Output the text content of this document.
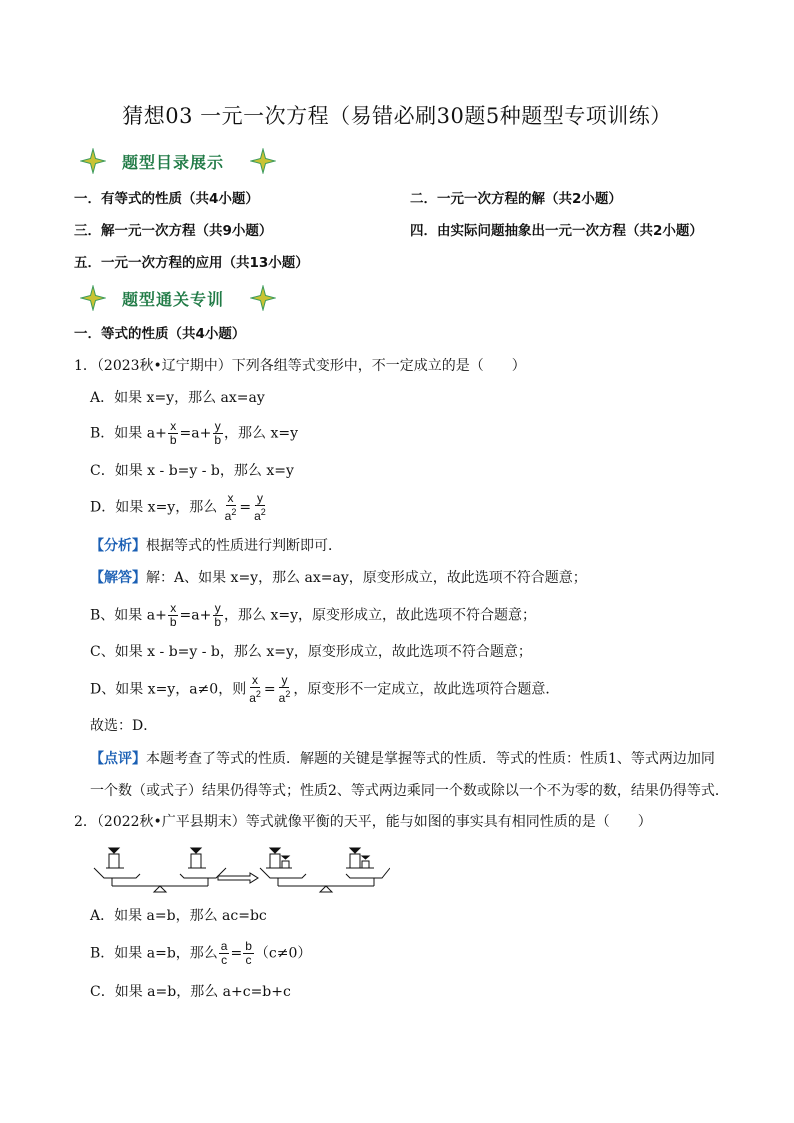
猜想03 一元一次方程（易错必刷30题5种题型专项训练）
题型目录展示
一．有等式的性质（共4小题）	二．一元一次方程的解（共2小题）
三．解一元一次方程（共9小题）	四．由实际问题抽象出一元一次方程（共2小题）
五．一元一次方程的应用（共13小题）
题型通关专训
一．等式的性质（共4小题）
1．（2023秋•辽宁期中）下列各组等式变形中，不一定成立的是（　　）
A．如果 x=y，那么 ax=ay
B．如果 $a+ \frac{x}{b} =a+ \frac{y}{b}$ ，那么 x=y
C．如果 x - b=y - b，那么 x=y
D．如果 x=y，那么 $\frac{x}{a^2} = \frac{y}{a^2}$
【分析】根据等式的性质进行判断即可．
【解答】解：A、如果 x=y，那么 ax=ay，原变形成立，故此选项不符合题意；
B、如果 $a+ \frac{x}{b} =a+ \frac{y}{b}$ ，那么 x=y，原变形成立，故此选项不符合题意；
C、如果 x - b=y - b，那么 x=y，原变形成立，故此选项不符合题意；
D、如果 x=y，a≠0，则 $\frac{x}{a^2} = \frac{y}{a^2}$ ，原变形不一定成立，故此选项符合题意．
故选：D．
【点评】本题考查了等式的性质．解题的关键是掌握等式的性质．等式的性质：性质1、等式两边加同
一个数（或式子）结果仍得等式；性质2、等式两边乘同一个数或除以一个不为零的数，结果仍得等式．
2．（2022秋•广平县期末）等式就像平衡的天平，能与如图的事实具有相同性质的是（　　）
A．如果 a=b，那么 ac=bc
B．如果 a=b，那么 $\frac{a}{c} = \frac{b}{c} (c\ne 0)$
C．如果 a=b，那么 a+c=b+c
